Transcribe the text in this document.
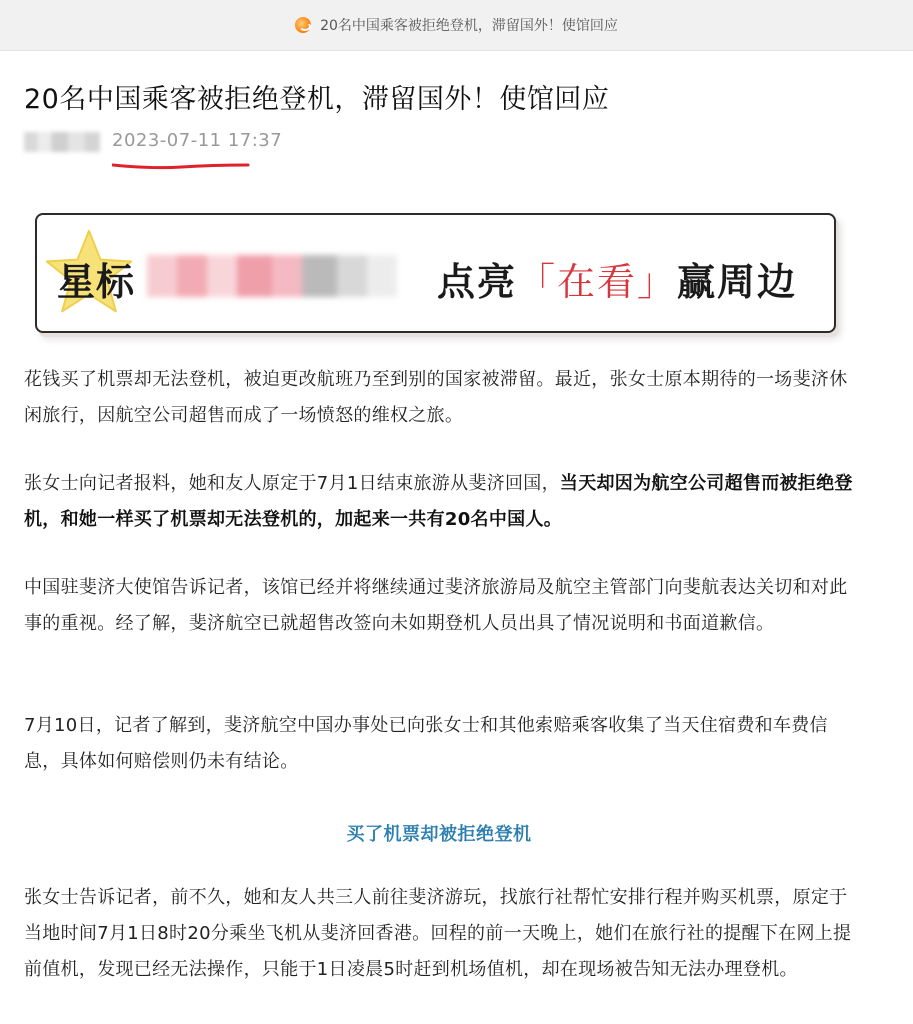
20名中国乘客被拒绝登机，滞留国外！使馆回应
20名中国乘客被拒绝登机，滞留国外！使馆回应
2023-07-11 17:37
星标	点亮「在看」赢周边

花钱买了机票却无法登机，被迫更改航班乃至到别的国家被滞留。最近，张女士原本期待的一场斐济休闲旅行，因航空公司超售而成了一场愤怒的维权之旅。

张女士向记者报料，她和友人原定于7月1日结束旅游从斐济回国，当天却因为航空公司超售而被拒绝登机，和她一样买了机票却无法登机的，加起来一共有20名中国人。

中国驻斐济大使馆告诉记者，该馆已经并将继续通过斐济旅游局及航空主管部门向斐航表达关切和对此事的重视。经了解，斐济航空已就超售改签向未如期登机人员出具了情况说明和书面道歉信。

7月10日，记者了解到，斐济航空中国办事处已向张女士和其他索赔乘客收集了当天住宿费和车费信息，具体如何赔偿则仍未有结论。

买了机票却被拒绝登机

张女士告诉记者，前不久，她和友人共三人前往斐济游玩，找旅行社帮忙安排行程并购买机票，原定于当地时间7月1日8时20分乘坐飞机从斐济回香港。回程的前一天晚上，她们在旅行社的提醒下在网上提前值机，发现已经无法操作，只能于1日凌晨5时赶到机场值机，却在现场被告知无法办理登机。
